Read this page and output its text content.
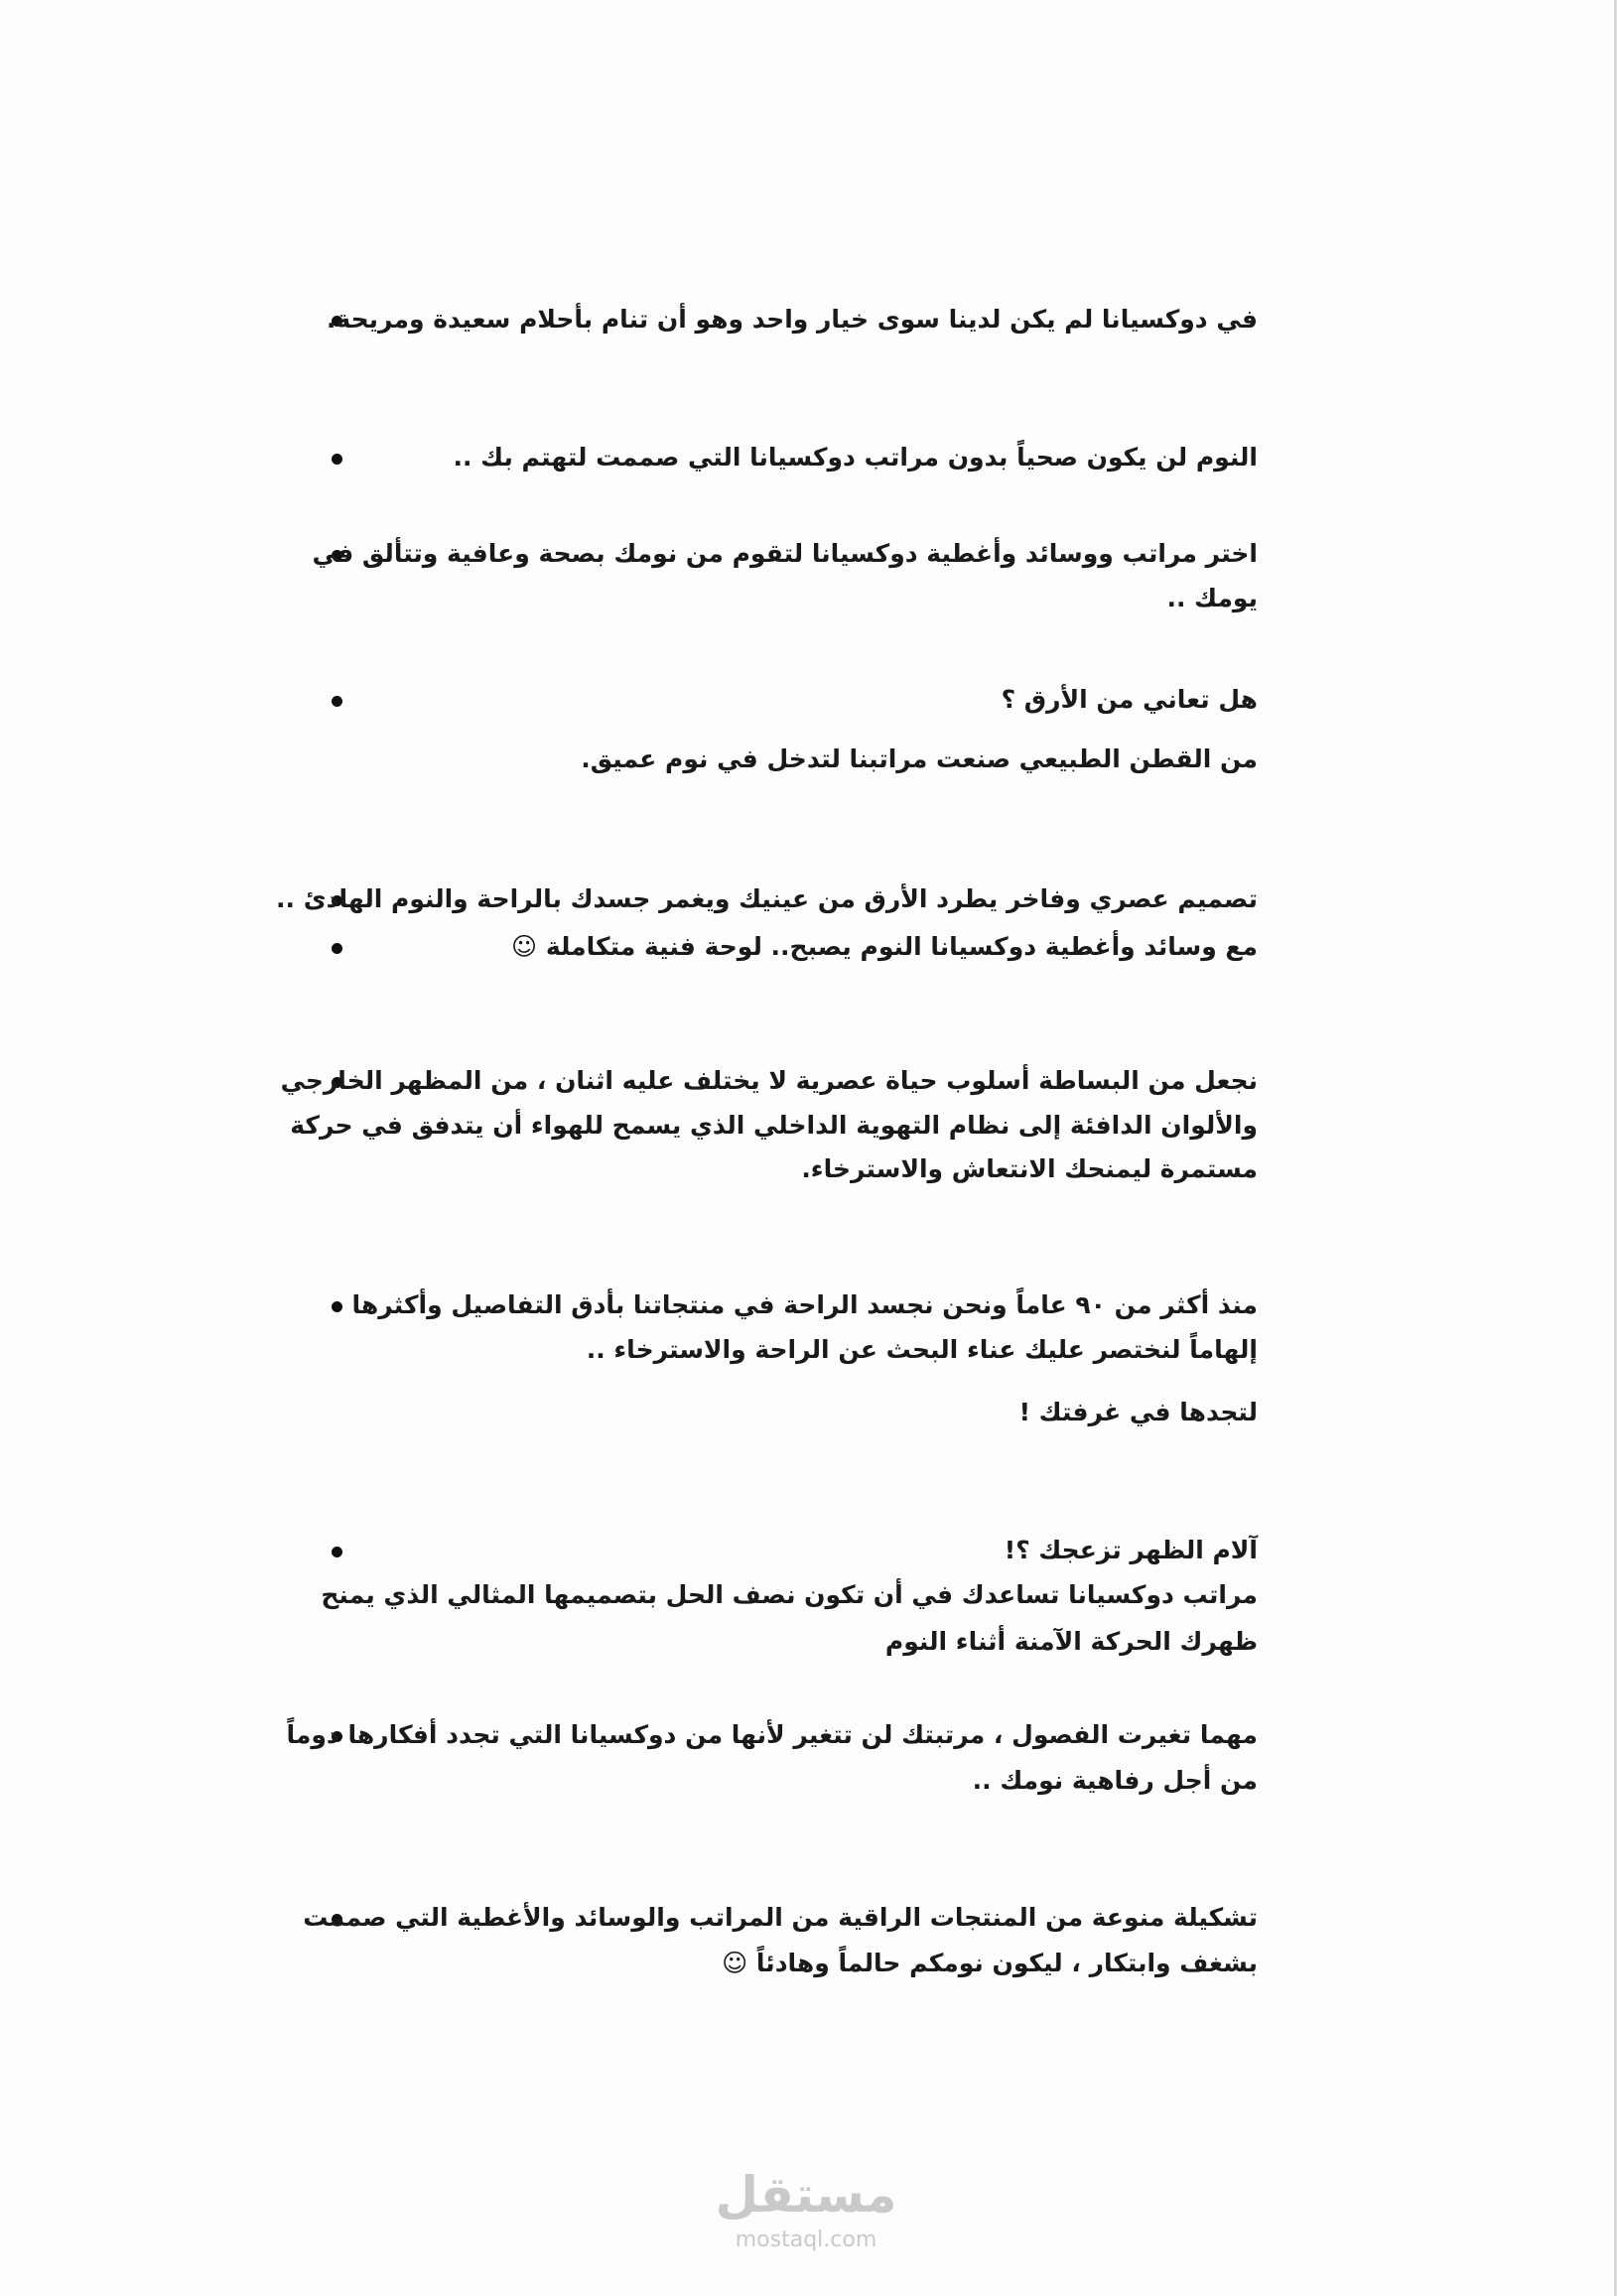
في دوكسيانا لم يكن لدينا سوى خيار واحد وهو أن تنام بأحلام سعيدة ومريحة.
النوم لن يكون صحياً بدون مراتب دوكسيانا التي صممت لتهتم بك ..
اختر مراتب ووسائد وأغطية دوكسيانا لتقوم من نومك بصحة وعافية وتتألق في
يومك ..
هل تعاني من الأرق ؟
من القطن الطبيعي صنعت مراتبنا لتدخل في نوم عميق.
تصميم عصري وفاخر يطرد الأرق من عينيك ويغمر جسدك بالراحة والنوم الهادئ ..
مع وسائد وأغطية دوكسيانا النوم يصبح.. لوحة فنية متكاملة ☺
نجعل من البساطة أسلوب حياة عصرية لا يختلف عليه اثنان ، من المظهر الخارجي
والألوان الدافئة إلى نظام التهوية الداخلي الذي يسمح للهواء أن يتدفق في حركة
مستمرة ليمنحك الانتعاش والاسترخاء.
منذ أكثر من ٩٠ عاماً ونحن نجسد الراحة في منتجاتنا بأدق التفاصيل وأكثرها
إلهاماً لنختصر عليك عناء البحث عن الراحة والاسترخاء ..
لتجدها في غرفتك !
آلام الظهر تزعجك ؟!
مراتب دوكسيانا تساعدك في أن تكون نصف الحل بتصميمها المثالي الذي يمنح
ظهرك الحركة الآمنة أثناء النوم
مهما تغيرت الفصول ، مرتبتك لن تتغير لأنها من دوكسيانا التي تجدد أفكارها دوماً
من أجل رفاهية نومك ..
تشكيلة منوعة من المنتجات الراقية من المراتب والوسائد والأغطية التي صممت
بشغف وابتكار ، ليكون نومكم حالماً وهادئاً ☺
مستقل
mostaql.com
